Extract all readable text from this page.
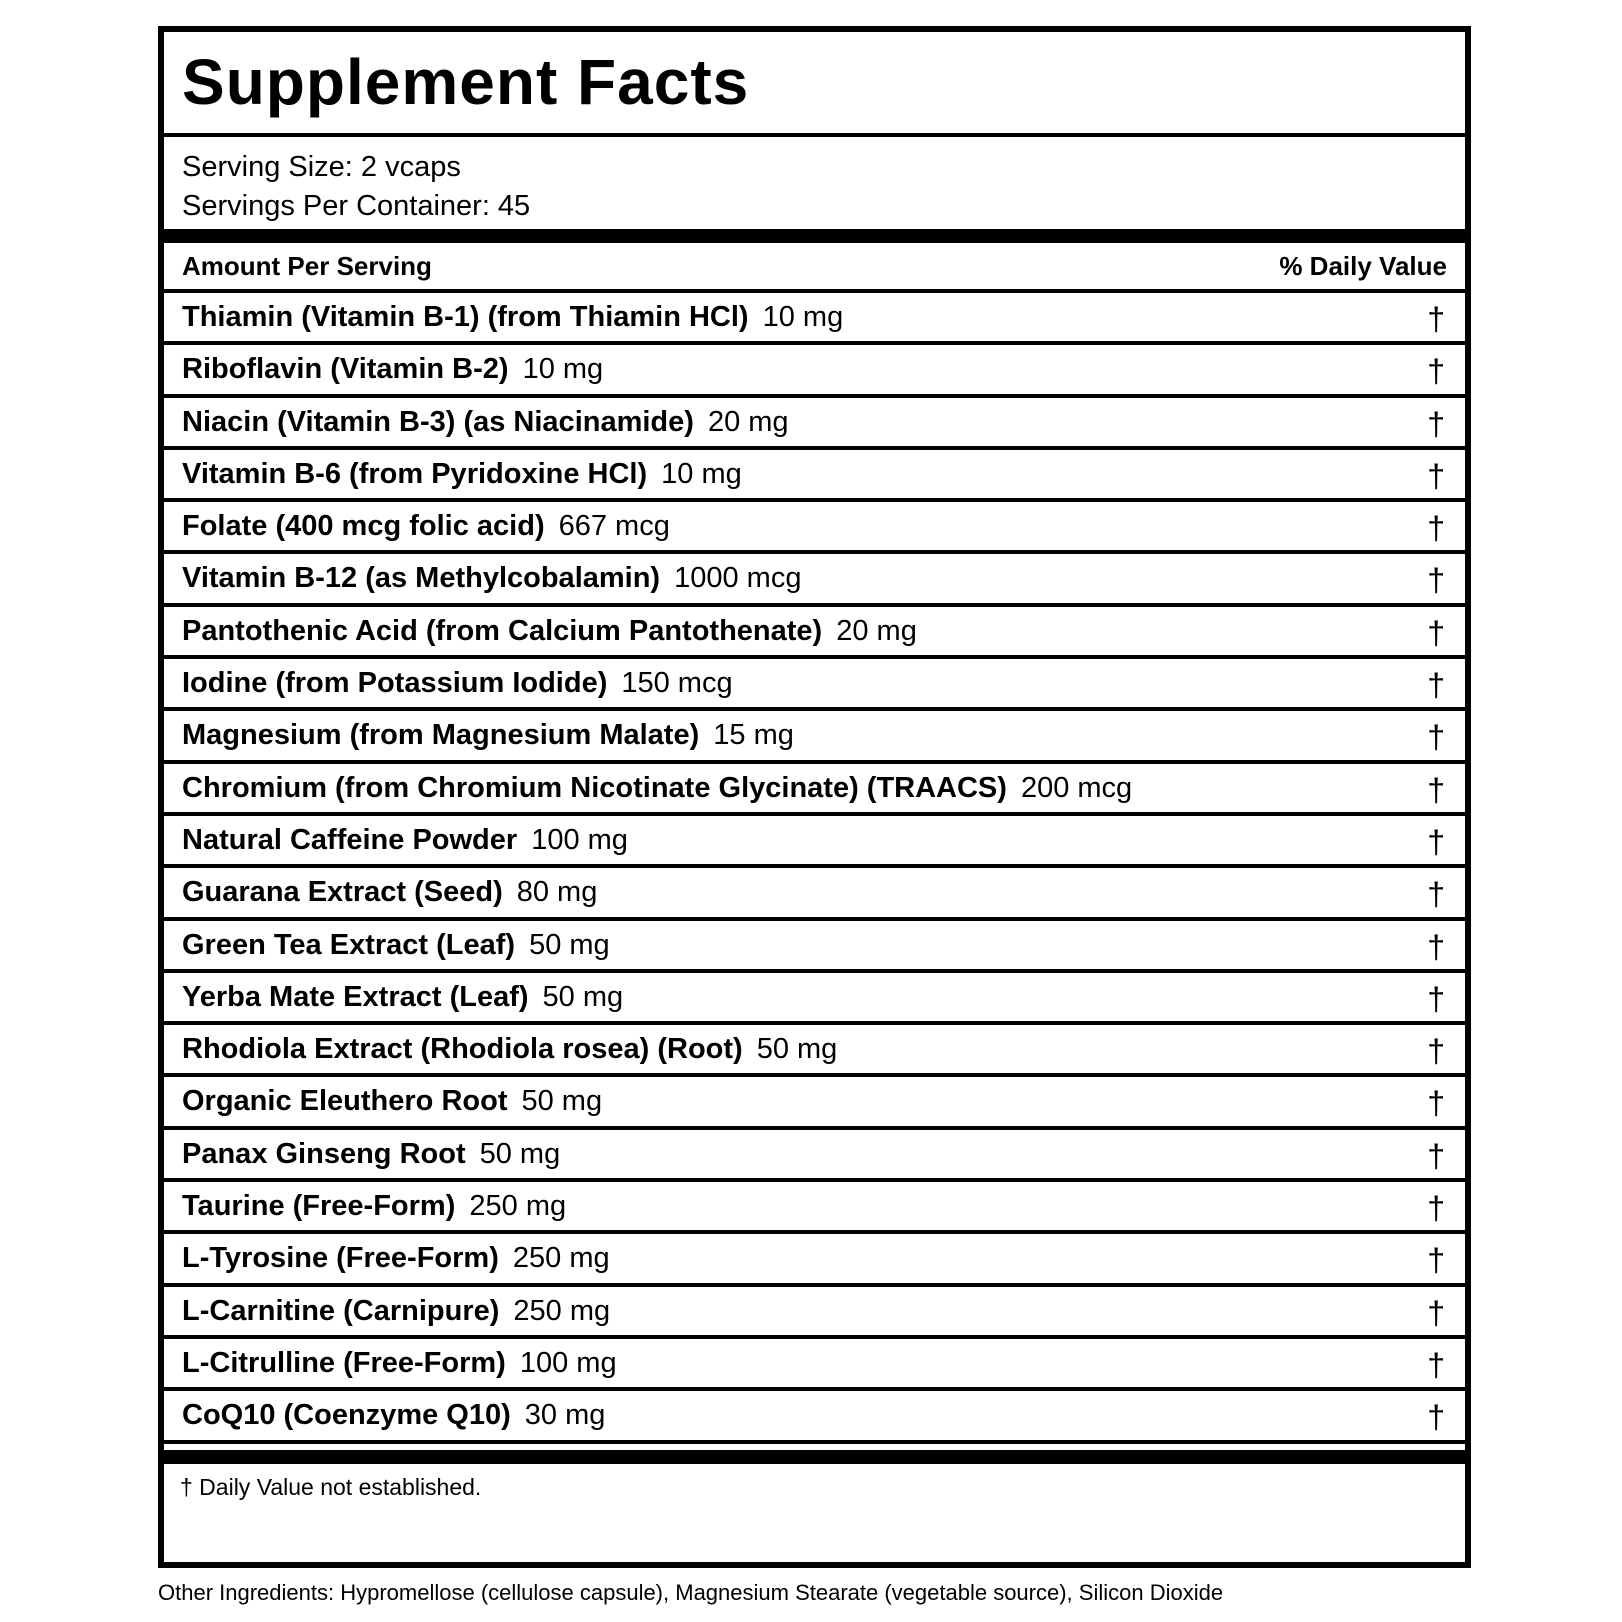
Supplement Facts
Serving Size: 2 vcaps
Servings Per Container: 45
Amount Per Serving	% Daily Value
Thiamin (Vitamin B-1) (from Thiamin HCl) 10 mg	†
Riboflavin (Vitamin B-2) 10 mg	†
Niacin (Vitamin B-3) (as Niacinamide) 20 mg	†
Vitamin B-6 (from Pyridoxine HCl) 10 mg	†
Folate (400 mcg folic acid) 667 mcg	†
Vitamin B-12 (as Methylcobalamin) 1000 mcg	†
Pantothenic Acid (from Calcium Pantothenate) 20 mg	†
Iodine (from Potassium Iodide) 150 mcg	†
Magnesium (from Magnesium Malate) 15 mg	†
Chromium (from Chromium Nicotinate Glycinate) (TRAACS) 200 mcg	†
Natural Caffeine Powder 100 mg	†
Guarana Extract (Seed) 80 mg	†
Green Tea Extract (Leaf) 50 mg	†
Yerba Mate Extract (Leaf) 50 mg	†
Rhodiola Extract (Rhodiola rosea) (Root) 50 mg	†
Organic Eleuthero Root 50 mg	†
Panax Ginseng Root 50 mg	†
Taurine (Free-Form) 250 mg	†
L-Tyrosine (Free-Form) 250 mg	†
L-Carnitine (Carnipure) 250 mg	†
L-Citrulline (Free-Form) 100 mg	†
CoQ10 (Coenzyme Q10) 30 mg	†
† Daily Value not established.
Other Ingredients: Hypromellose (cellulose capsule), Magnesium Stearate (vegetable source), Silicon Dioxide
